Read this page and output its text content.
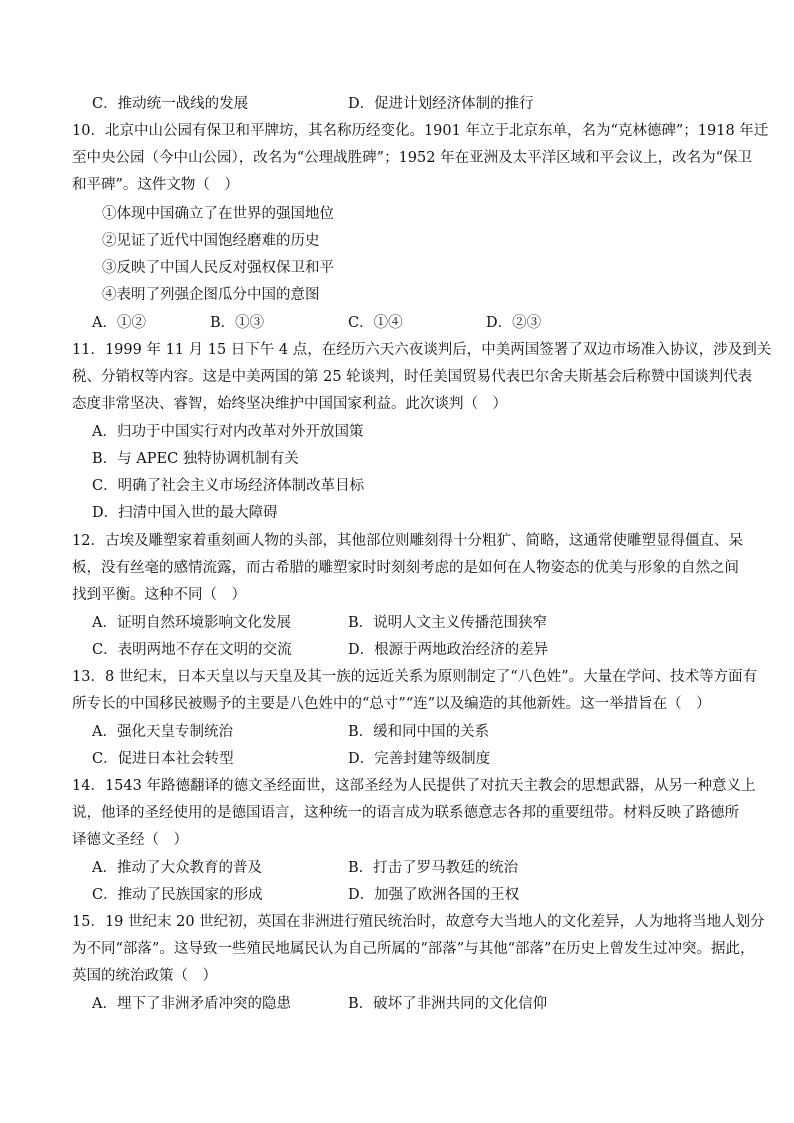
C．推动统一战线的发展	D．促进计划经济体制的推行
10．北京中山公园有保卫和平牌坊，其名称历经变化。1901 年立于北京东单，名为“克林德碑”；1918 年迁
至中央公园（今中山公园），改名为“公理战胜碑”；1952 年在亚洲及太平洋区域和平会议上，改名为“保卫
和平碑”。这件文物（　）
①体现中国确立了在世界的强国地位
②见证了近代中国饱经磨难的历史
③反映了中国人民反对强权保卫和平
④表明了列强企图瓜分中国的意图
A．①②	B．①③	C．①④	D．②③
11．1999 年 11 月 15 日下午 4 点，在经历六天六夜谈判后，中美两国签署了双边市场准入协议，涉及到关
税、分销权等内容。这是中美两国的第 25 轮谈判，时任美国贸易代表巴尔舍夫斯基会后称赞中国谈判代表
态度非常坚决、睿智，始终坚决维护中国国家利益。此次谈判（　）
A．归功于中国实行对内改革对外开放国策
B．与 APEC 独特协调机制有关
C．明确了社会主义市场经济体制改革目标
D．扫清中国入世的最大障碍
12．古埃及雕塑家着重刻画人物的头部，其他部位则雕刻得十分粗犷、简略，这通常使雕塑显得僵直、呆
板，没有丝毫的感情流露，而古希腊的雕塑家时时刻刻考虑的是如何在人物姿态的优美与形象的自然之间
找到平衡。这种不同（　）
A．证明自然环境影响文化发展	B．说明人文主义传播范围狭窄
C．表明两地不存在文明的交流	D．根源于两地政治经济的差异
13．8 世纪末，日本天皇以与天皇及其一族的远近关系为原则制定了“八色姓”。大量在学问、技术等方面有
所专长的中国移民被赐予的主要是八色姓中的“总寸”“连”以及编造的其他新姓。这一举措旨在（　）
A．强化天皇专制统治	B．缓和同中国的关系
C．促进日本社会转型	D．完善封建等级制度
14．1543 年路德翻译的德文圣经面世，这部圣经为人民提供了对抗天主教会的思想武器，从另一种意义上
说，他译的圣经使用的是德国语言，这种统一的语言成为联系德意志各邦的重要纽带。材料反映了路德所
译德文圣经（　）
A．推动了大众教育的普及	B．打击了罗马教廷的统治
C．推动了民族国家的形成	D．加强了欧洲各国的王权
15．19 世纪末 20 世纪初，英国在非洲进行殖民统治时，故意夸大当地人的文化差异，人为地将当地人划分
为不同“部落”。这导致一些殖民地属民认为自己所属的“部落”与其他“部落”在历史上曾发生过冲突。据此，
英国的统治政策（　）
A．埋下了非洲矛盾冲突的隐患	B．破坏了非洲共同的文化信仰
